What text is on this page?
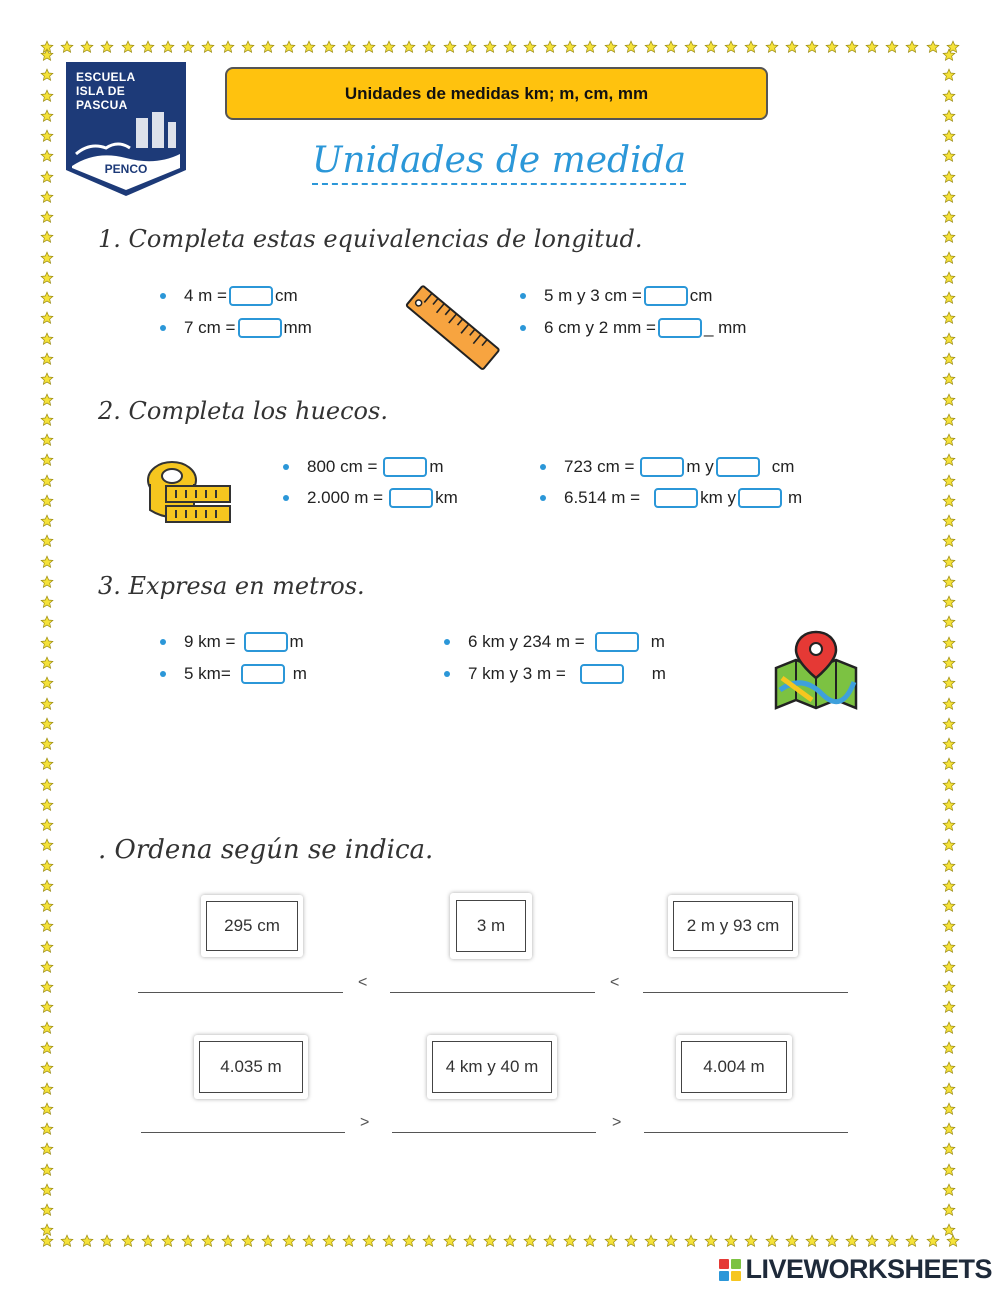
ESCUELA
ISLA DE
PASCUA
PENCO
Unidades de medidas km; m, cm, mm
Unidades de medida
1. Completa estas equivalencias de longitud.
4 m =	cm
7 cm =	mm
5 m y 3 cm =	cm
6 cm y 2 mm =	_ mm
2. Completa los huecos.
800 cm =	m
2.000 m =	km
723 cm =	m y	cm
6.514 m =	km y	m
3. Expresa en metros.
9 km =	m
5 km=	m
6 km y 234 m =	m
7 km y 3 m =	m
. Ordena según se indica.
295 cm	3 m	2 m y 93 cm
<	<
4.035 m	4 km y 40 m	4.004 m
>	>
LIVEWORKSHEETS
